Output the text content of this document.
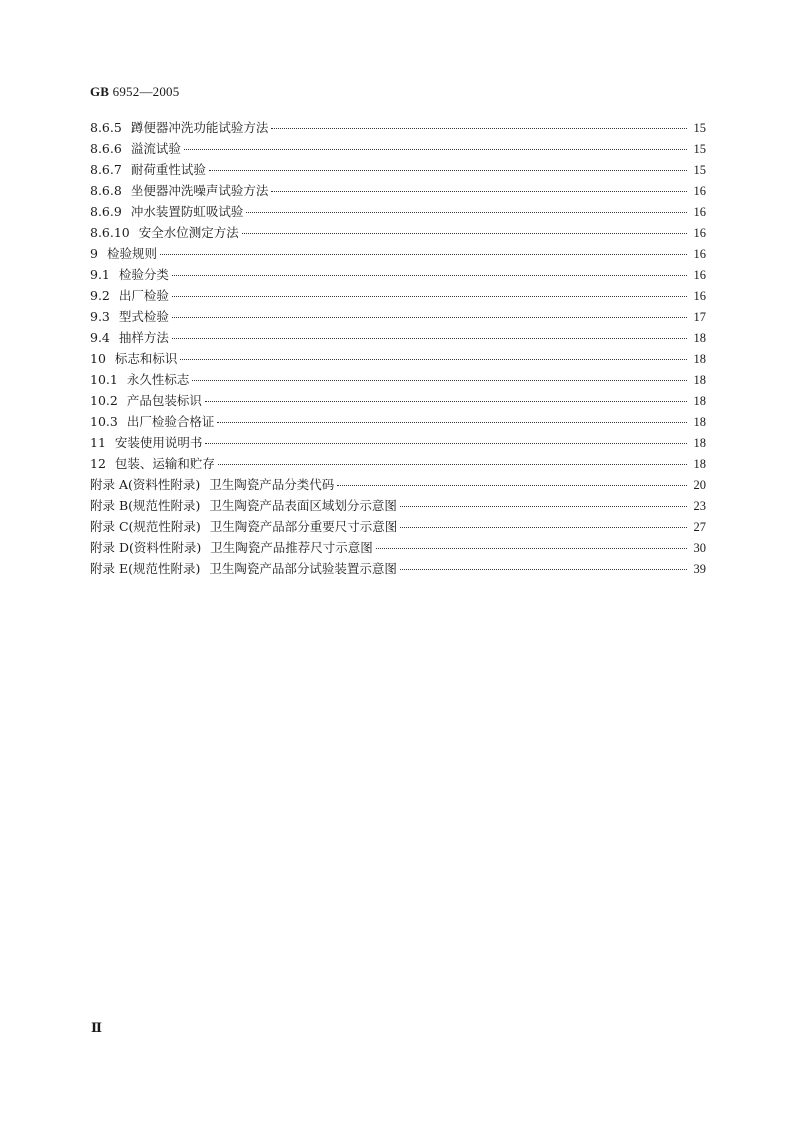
GB 6952—2005
8.6.5 蹲便器冲洗功能试验方法	15
8.6.6 溢流试验	15
8.6.7 耐荷重性试验	15
8.6.8 坐便器冲洗噪声试验方法	16
8.6.9 冲水装置防虹吸试验	16
8.6.10 安全水位测定方法	16
9 检验规则	16
9.1 检验分类	16
9.2 出厂检验	16
9.3 型式检验	17
9.4 抽样方法	18
10 标志和标识	18
10.1 永久性标志	18
10.2 产品包装标识	18
10.3 出厂检验合格证	18
11 安装使用说明书	18
12 包装、运输和贮存	18
附录 A(资料性附录) 卫生陶瓷产品分类代码	20
附录 B(规范性附录) 卫生陶瓷产品表面区域划分示意图	23
附录 C(规范性附录) 卫生陶瓷产品部分重要尺寸示意图	27
附录 D(资料性附录) 卫生陶瓷产品推荐尺寸示意图	30
附录 E(规范性附录) 卫生陶瓷产品部分试验装置示意图	39
Ⅱ
